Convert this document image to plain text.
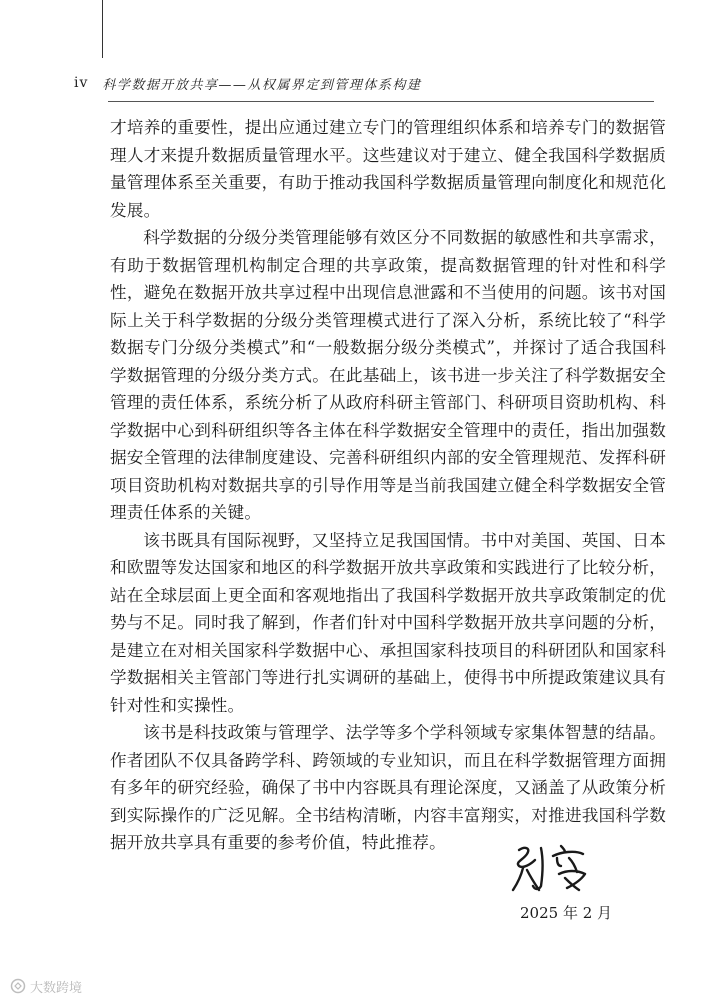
iv 科学数据开放共享——从权属界定到管理体系构建

才培养的重要性，提出应通过建立专门的管理组织体系和培养专门的数据管理人才来提升数据质量管理水平。这些建议对于建立、健全我国科学数据质量管理体系至关重要，有助于推动我国科学数据质量管理向制度化和规范化发展。

科学数据的分级分类管理能够有效区分不同数据的敏感性和共享需求，有助于数据管理机构制定合理的共享政策，提高数据管理的针对性和科学性，避免在数据开放共享过程中出现信息泄露和不当使用的问题。该书对国际上关于科学数据的分级分类管理模式进行了深入分析，系统比较了“科学数据专门分级分类模式”和“一般数据分级分类模式”，并探讨了适合我国科学数据管理的分级分类方式。在此基础上，该书进一步关注了科学数据安全管理的责任体系，系统分析了从政府科研主管部门、科研项目资助机构、科学数据中心到科研组织等各主体在科学数据安全管理中的责任，指出加强数据安全管理的法律制度建设、完善科研组织内部的安全管理规范、发挥科研项目资助机构对数据共享的引导作用等是当前我国建立健全科学数据安全管理责任体系的关键。

该书既具有国际视野，又坚持立足我国国情。书中对美国、英国、日本和欧盟等发达国家和地区的科学数据开放共享政策和实践进行了比较分析，站在全球层面上更全面和客观地指出了我国科学数据开放共享政策制定的优势与不足。同时我了解到，作者们针对中国科学数据开放共享问题的分析，是建立在对相关国家科学数据中心、承担国家科技项目的科研团队和国家科学数据相关主管部门等进行扎实调研的基础上，使得书中所提政策建议具有针对性和实操性。

该书是科技政策与管理学、法学等多个学科领域专家集体智慧的结晶。作者团队不仅具备跨学科、跨领域的专业知识，而且在科学数据管理方面拥有多年的研究经验，确保了书中内容既具有理论深度，又涵盖了从政策分析到实际操作的广泛见解。全书结构清晰，内容丰富翔实，对推进我国科学数据开放共享具有重要的参考价值，特此推荐。

2025 年 2 月
大数跨境
